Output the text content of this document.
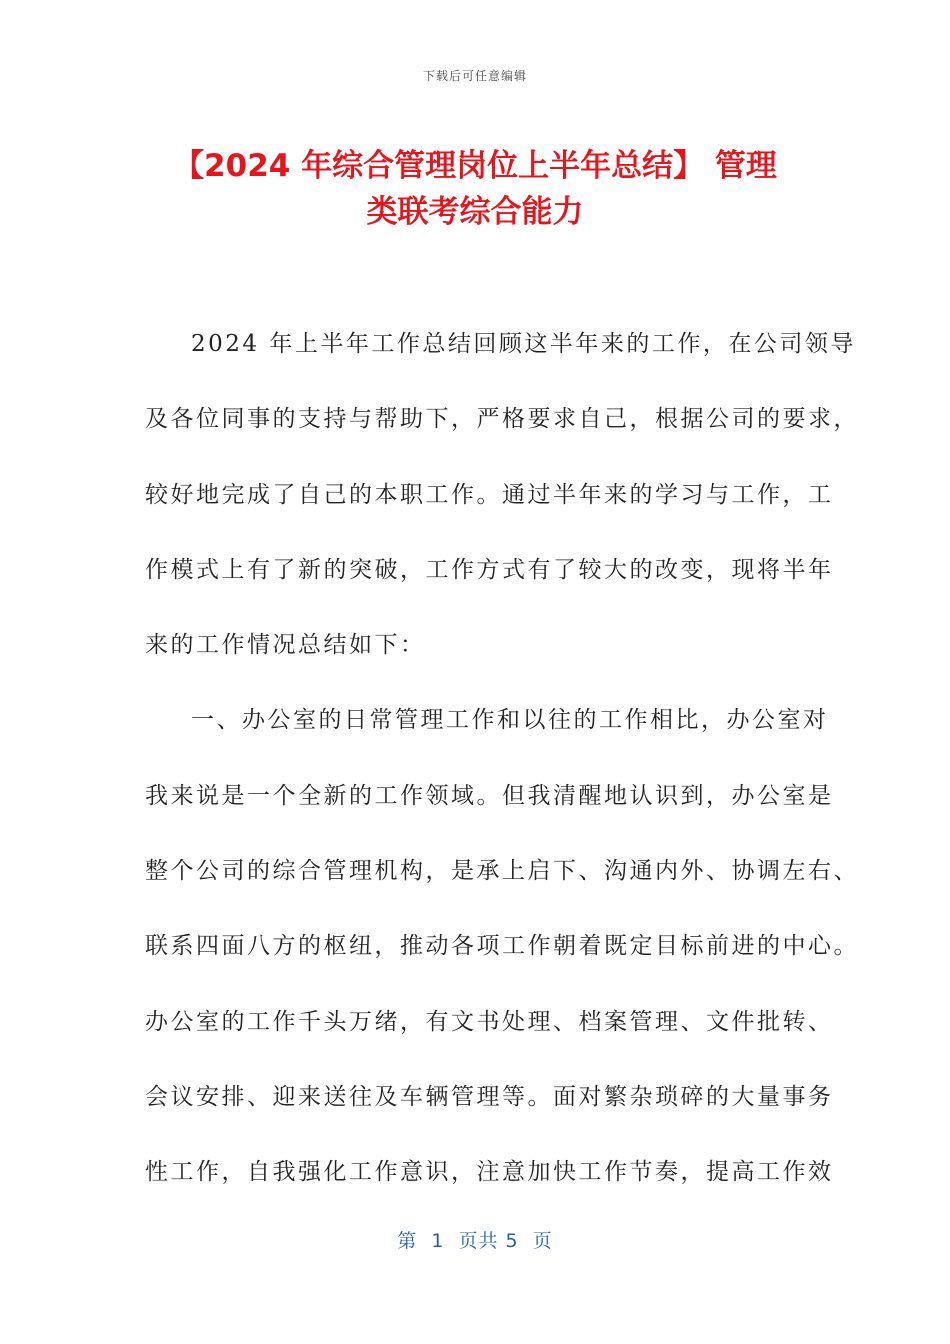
下载后可任意编辑
【2024 年综合管理岗位上半年总结】 管理
类联考综合能力
2024 年上半年工作总结回顾这半年来的工作，在公司领导
及各位同事的支持与帮助下，严格要求自己，根据公司的要求，
较好地完成了自己的本职工作。通过半年来的学习与工作，工
作模式上有了新的突破，工作方式有了较大的改变，现将半年
来的工作情况总结如下：
一、办公室的日常管理工作和以往的工作相比，办公室对
我来说是一个全新的工作领域。但我清醒地认识到，办公室是
整个公司的综合管理机构，是承上启下、沟通内外、协调左右、
联系四面八方的枢纽，推动各项工作朝着既定目标前进的中心。
办公室的工作千头万绪，有文书处理、档案管理、文件批转、
会议安排、迎来送往及车辆管理等。面对繁杂琐碎的大量事务
性工作，自我强化工作意识，注意加快工作节奏，提高工作效
第  1  页共 5  页
